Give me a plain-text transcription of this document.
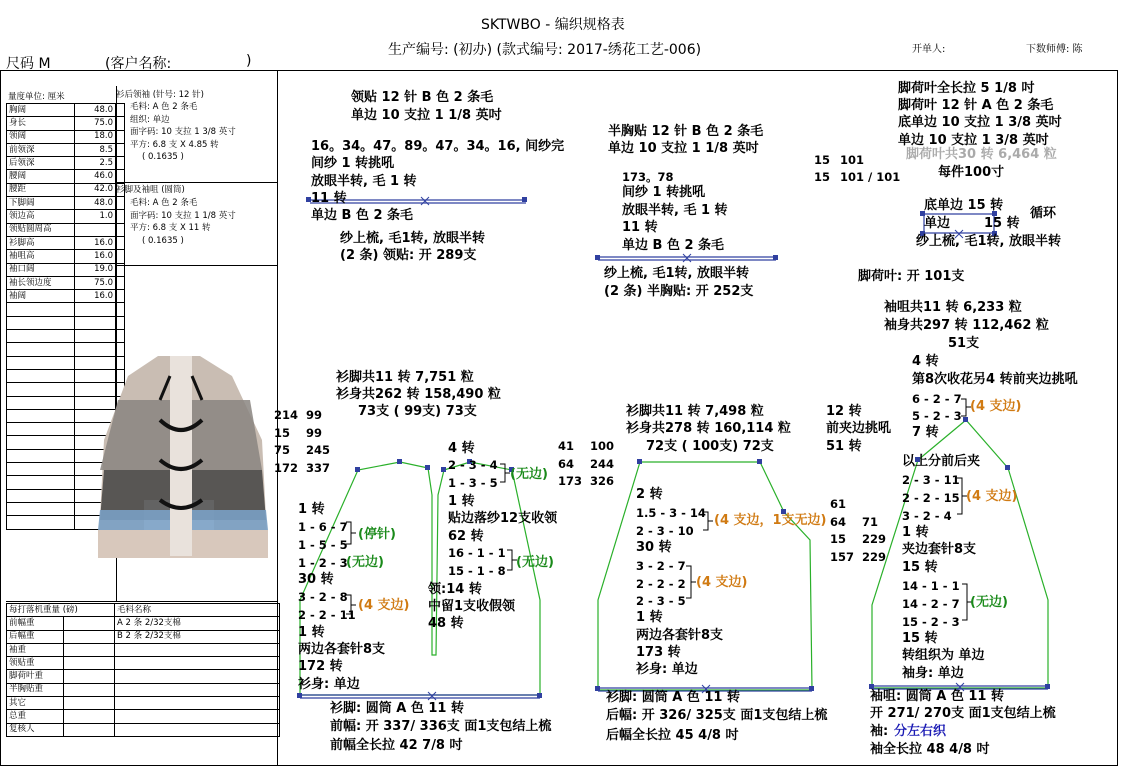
SKTWBO - 编织规格表
生产编号: (初办) (款式编号: 2017-绣花工艺-006)	开单人:	下数师傅: 陈
尺码 M	(客户名称:	)
量度单位: 厘米
胸阔	48.0	
身长	75.0	
领阔	18.0	
前领深	8.5	
后领深	2.5	
腰阔	46.0	
腰距	42.0	
下脚阔	48.0	
领边高	1.0	
领贴圆周高		
衫脚高	16.0	
袖咀高	16.0	
袖口阔	19.0	
袖长领边度	75.0	
袖阔	16.0	

衫后领袖 (针号: 12 针)
毛料: A 色 2 条毛
组织: 单边
面字码: 10 支拉 1 3/8 英寸
平方: 6.8 支 X 4.85 转
( 0.1635 )
衫脚及袖咀 (圆筒)
毛料: A 色 2 条毛
面字码: 10 支拉 1 1/8 英寸
平方: 6.8 支 X 11 转
( 0.1635 )
每打落机重量 (磅)		毛料名称
前幅重		A 2 条 2/32支棉
后幅重		B 2 条 2/32支棉
袖重		
领贴重		
脚荷叶重		
半胸贴重		
其它		
总重		
复核人		
领贴 12 针 B 色 2 条毛
单边 10 支拉 1 1/8 英吋
16。34。47。89。47。34。16, 间纱完
间纱 1 转挑吼
放眼半转, 毛 1 转
11 转
单边 B 色 2 条毛
纱上梳, 毛1转, 放眼半转
(2 条) 领贴: 开 289支
半胸贴 12 针 B 色 2 条毛
单边 10 支拉 1 1/8 英吋
173。78
间纱 1 转挑吼
放眼半转, 毛 1 转
11 转
单边 B 色 2 条毛
纱上梳, 毛1转, 放眼半转
(2 条) 半胸贴: 开 252支
脚荷叶全长拉 5 1/8 吋
脚荷叶 12 针 A 色 2 条毛
底单边 10 支拉 1 3/8 英吋
单边 10 支拉 1 3/8 英吋
脚荷叶共30 转 6,464 粒
每件100寸
15 101
15 101 / 101
底单边 15 转
单边	15 转
循环
纱上梳, 毛1转, 放眼半转
脚荷叶: 开 101支
衫脚共11 转 7,751 粒
衫身共262 转 158,490 粒
73支 ( 99支) 73支
214 99
15 99
75 245
172 337
41 100
64 244
173 326
4 转
2 - 3 - 4
1 - 3 - 5
(无边)
1 转
贴边落纱12支收领
62 转
16 - 1 - 1
15 - 1 - 8
(无边)
领:14 转
中留1支收假领
48 转
1 转
1 - 6 - 7
1 - 5 - 5
(停针)
1 - 2 - 3
(无边)
30 转
3 - 2 - 8
2 - 2 - 11
(4 支边)
1 转
两边各套针8支
172 转
衫身: 单边
衫脚: 圆筒 A 色 11 转
前幅: 开 337/ 336支 面1支包结上梳
前幅全长拉 42 7/8 吋
衫脚共11 转 7,498 粒
衫身共278 转 160,114 粒
72支 ( 100支) 72支
2 转
1.5 - 3 - 14
2 - 3 - 10
(4 支边，1支无边)
30 转
3 - 2 - 7
2 - 2 - 2 (4 支边)
2 - 3 - 5
1 转
两边各套针8支
173 转
衫身: 单边
衫脚: 圆筒 A 色 11 转
后幅: 开 326/ 325支 面1支包结上梳
后幅全长拉 45 4/8 吋
袖咀共11 转 6,233 粒
袖身共297 转 112,462 粒
51支
12 转
前夹边挑吼
51 转
61
64 71
15 229
157 229
4 转
第8次收花另4 转前夹边挑吼
6 - 2 - 7
5 - 2 - 3
(4 支边)
7 转
以上分前后夹
2 - 3 - 11
2 - 2 - 15 (4 支边)
3 - 2 - 4
1 转
夹边套针8支
15 转
14 - 1 - 1
14 - 2 - 7 (无边)
15 - 2 - 3
15 转
转组织为 单边
袖身: 单边
袖咀: 圆筒 A 色 11 转
开 271/ 270支 面1支包结上梳
袖: 分左右织
袖全长拉 48 4/8 吋
